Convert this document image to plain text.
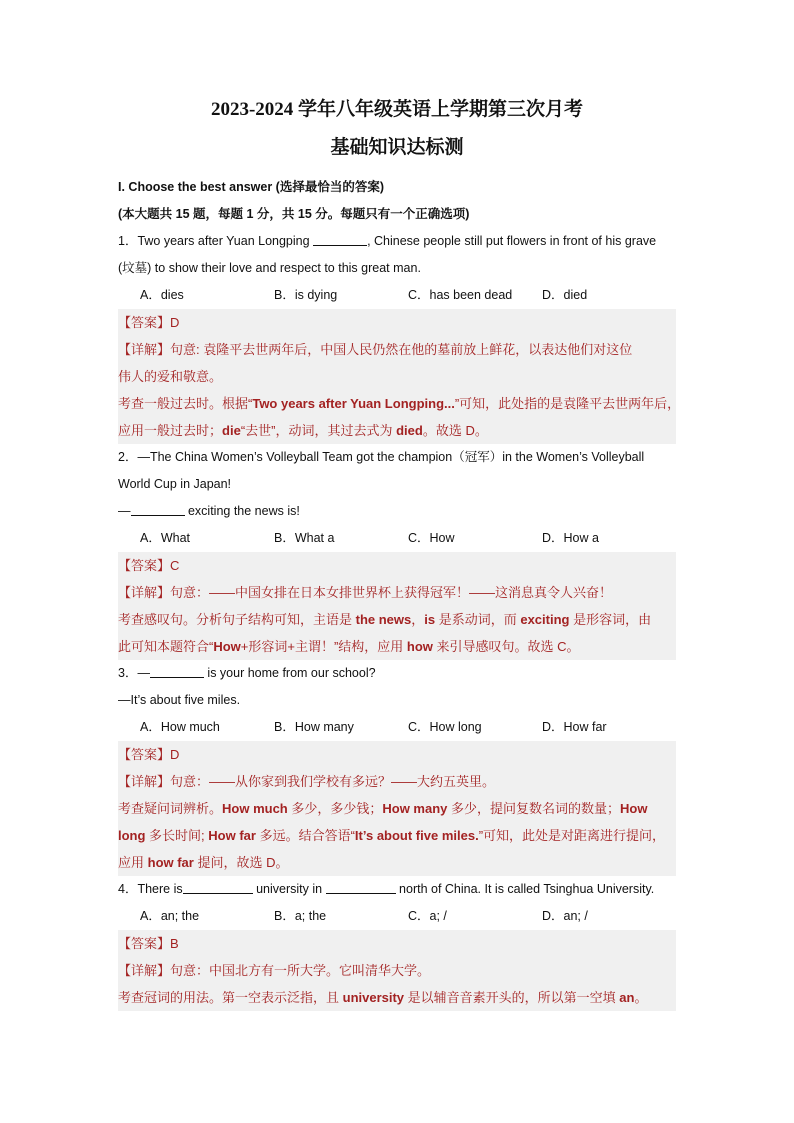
2023-2024 学年八年级英语上学期第三次月考
基础知识达标测
I. Choose the best answer (选择最恰当的答案)
(本大题共 15 题，每题 1 分，共 15 分。每题只有一个正确选项)
1．Two years after Yuan Longping	, Chinese people still put flowers in front of his grave
(坟墓) to show their love and respect to this great man.
A．dies	B．is dying	C．has been dead	D．died
【答案】D
【详解】句意: 袁隆平去世两年后，中国人民仍然在他的墓前放上鲜花，以表达他们对这位
伟人的爱和敬意。
考查一般过去时。根据“Two years after Yuan Longping...”可知，此处指的是袁隆平去世两年后，
应用一般过去时；die“去世”，动词，其过去式为 died。故选 D。
2．—The China Women’s Volleyball Team got the champion（冠军）in the Women’s Volleyball
World Cup in Japan!
—	exciting the news is!
A．What	B．What a	C．How	D．How a
【答案】C
【详解】句意：——中国女排在日本女排世界杯上获得冠军！——这消息真令人兴奋！
考查感叹句。分析句子结构可知，主语是 the news，is 是系动词，而 exciting 是形容词，由
此可知本题符合“How+形容词+主谓！”结构，应用 how 来引导感叹句。故选 C。
3．—	is your home from our school?
—It’s about five miles.
A．How much	B．How many	C．How long	D．How far
【答案】D
【详解】句意：——从你家到我们学校有多远？——大约五英里。
考查疑问词辨析。How much 多少，多少钱；How many 多少，提问复数名词的数量；How
long 多长时间; How far 多远。结合答语“It’s about five miles.”可知，此处是对距离进行提问，
应用 how far 提问，故选 D。
4．There is	university in	north of China. It is called Tsinghua University.
A．an; the	B．a; the	C．a; /	D．an; /
【答案】B
【详解】句意：中国北方有一所大学。它叫清华大学。
考查冠词的用法。第一空表示泛指，且 university 是以辅音音素开头的，所以第一空填 an。
